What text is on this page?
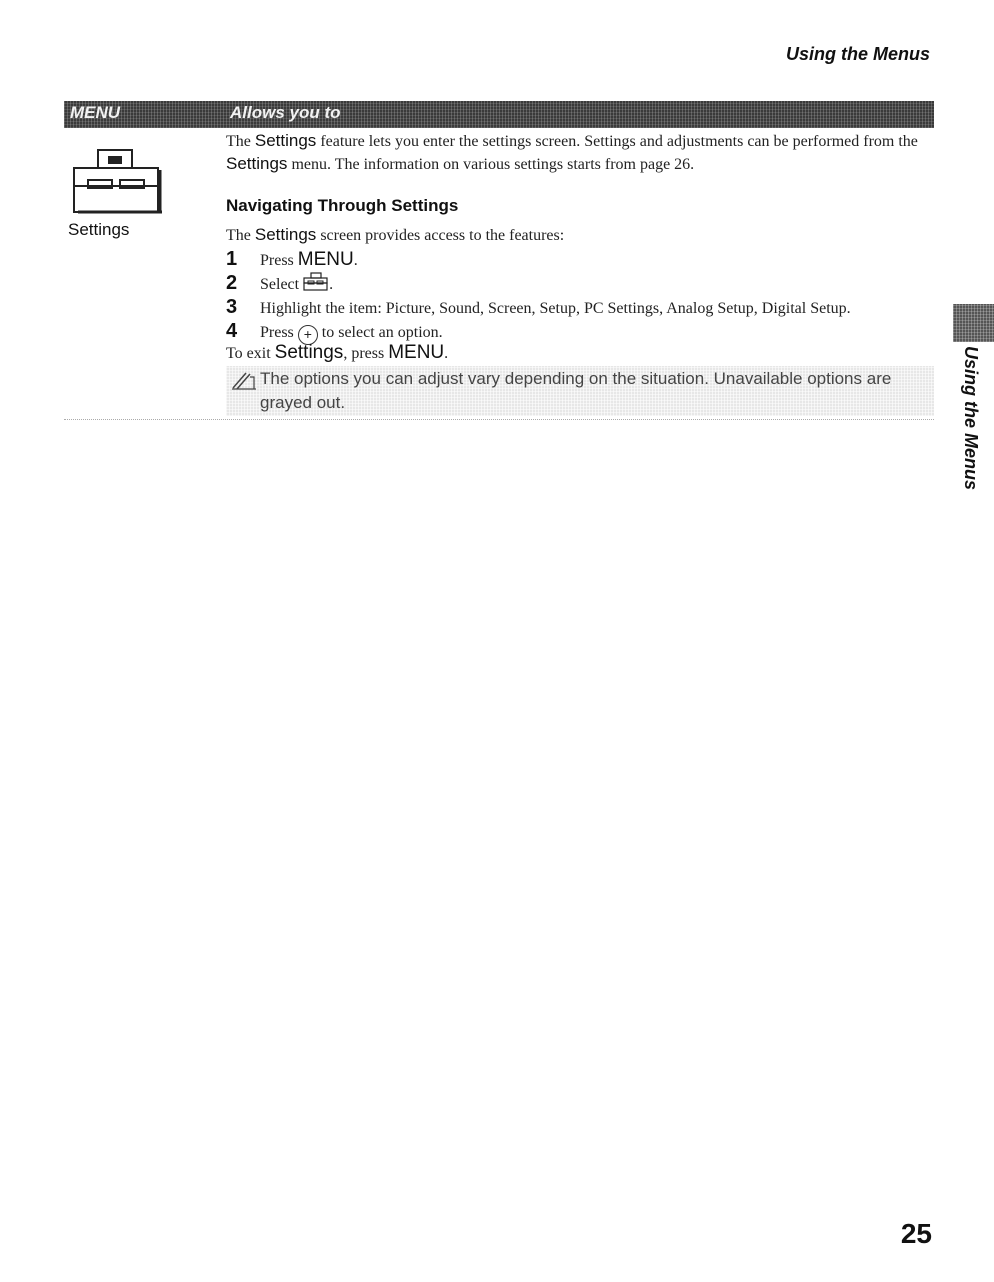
Using the Menus
MENU	Allows you to
Settings

The Settings feature lets you enter the settings screen. Settings and adjustments can be performed from the Settings menu. The information on various settings starts from page 26.

Navigating Through Settings

The Settings screen provides access to the features:

1	Press MENU.
2	Select .
3	Highlight the item: Picture, Sound, Screen, Setup, PC Settings, Analog Setup, Digital Setup.
4	Press + to select an option.
To exit Settings, press MENU.
The options you can adjust vary depending on the situation. Unavailable options are grayed out.	Using the Menus
25
